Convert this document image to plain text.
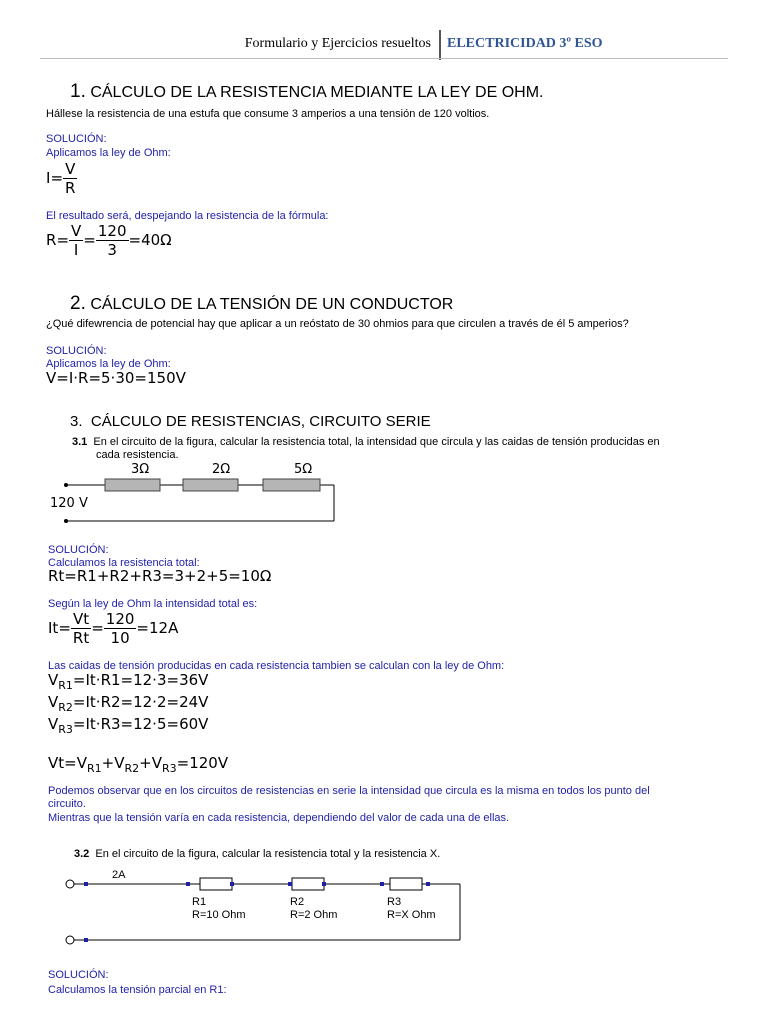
Formulario y Ejercicios resueltos ELECTRICIDAD 3º ESO
1. CÁLCULO DE LA RESISTENCIA MEDIANTE LA LEY DE OHM.
Hállese la resistencia de una estufa que consume 3 amperios a una tensión de 120 voltios.
SOLUCIÓN:
Aplicamos la ley de Ohm:
$I= \frac{V}{R}$
El resultado será, despejando la resistencia de la fórmula:
$R= \frac{V}{I} = \frac{120}{3} =40\Omega$
2. CÁLCULO DE LA TENSIÓN DE UN CONDUCTOR
¿Qué difewrencia de potencial hay que aplicar a un reóstato de 30 ohmios para que circulen a través de él 5 amperios?
SOLUCIÓN:
Aplicamos la ley de Ohm:
V=I·R=5·30=150V
3. CÁLCULO DE RESISTENCIAS, CIRCUITO SERIE
3.1 En el circuito de la figura, calcular la resistencia total, la intensidad que circula y las caidas de tensión producidas en
cada resistencia.
3Ω	2Ω	5Ω
120 V
SOLUCIÓN:
Calculamos la resistencia total:
Rt=R1+R2+R3=3+2+5=10Ω
Según la ley de Ohm la intensidad total es:
$It= \frac{Vt}{Rt} = \frac{120}{10} =12A$
Las caidas de tensión producidas en cada resistencia tambien se calculan con la ley de Ohm:
$V_{R1}=It\cdot R1=12\cdot 3=36V$
$V_{R2}=It\cdot R2=12\cdot 2=24V$
$V_{R3}=It\cdot R3=12\cdot 5=60V$
$Vt=V_{R1}+V_{R2}+V_{R3}=120V$
Podemos observar que en los circuitos de resistencias en serie la intensidad que circula es la misma en todos los punto del
circuito.
Mientras que la tensión varía en cada resistencia, dependiendo del valor de cada una de ellas.
3.2 En el circuito de la figura, calcular la resistencia total y la resistencia X.
2A
R1
R=10 Ohm
R2
R=2 Ohm
R3
R=X Ohm
SOLUCIÓN:
Calculamos la tensión parcial en R1:
